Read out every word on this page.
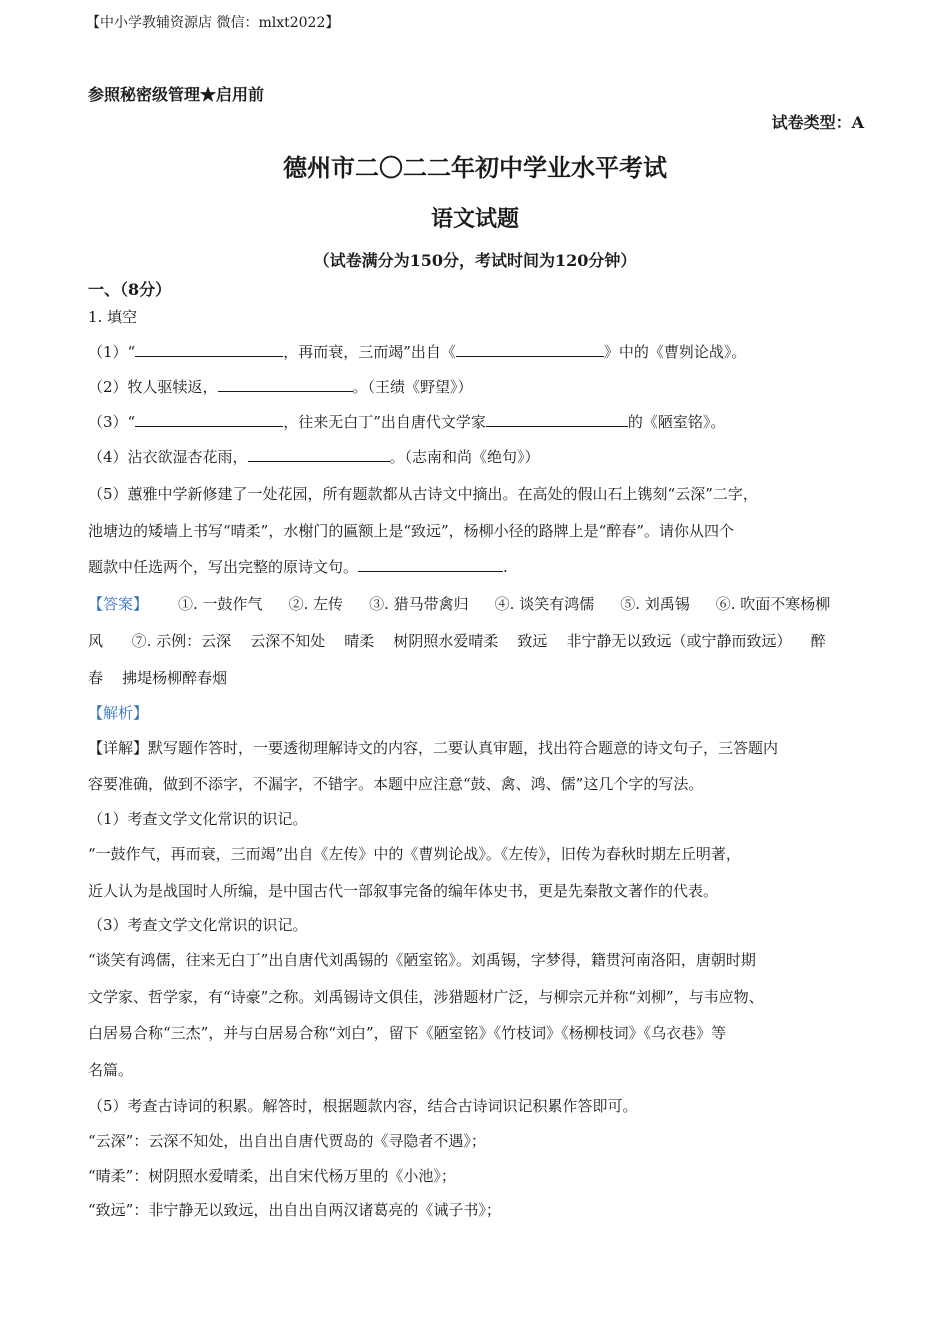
【中小学教辅资源店 微信：mlxt2022】
参照秘密级管理★启用前
试卷类型：A
德州市二〇二二年初中学业水平考试
语文试题
（试卷满分为150分，考试时间为120分钟）
一、（8分）
1. 填空
（1）“	，再而衰，三而竭”出自《	》中的《曹刿论战》。
（2）牧人驱犊返，	。（王绩《野望》）
（3）“	，往来无白丁”出自唐代文学家	的《陋室铭》。
（4）沾衣欲湿杏花雨，	。（志南和尚《绝句》）
（5）蕙雅中学新修建了一处花园，所有题款都从古诗文中摘出。在高处的假山石上镌刻“云深”二字，
池塘边的矮墙上书写“晴柔”，水榭门的匾额上是“致远”，杨柳小径的路牌上是“醉春”。请你从四个
题款中任选两个，写出完整的原诗文句。	.
【答案】 ①. 一鼓作气 ②. 左传 ③. 猎马带禽归 ④. 谈笑有鸿儒 ⑤. 刘禹锡 ⑥. 吹面不寒杨柳
风      ⑦. 示例：云深    云深不知处    晴柔    树阴照水爱晴柔    致远    非宁静无以致远（或宁静而致远）    醉
春    拂堤杨柳醉春烟
【解析】
【详解】默写题作答时，一要透彻理解诗文的内容，二要认真审题，找出符合题意的诗文句子，三答题内
容要准确，做到不添字，不漏字，不错字。本题中应注意“鼓、禽、鸿、儒”这几个字的写法。
（1）考查文学文化常识的识记。
“一鼓作气，再而衰，三而竭”出自《左传》中的《曹刿论战》。《左传》，旧传为春秋时期左丘明著，
近人认为是战国时人所编，是中国古代一部叙事完备的编年体史书，更是先秦散文著作的代表。
（3）考查文学文化常识的识记。
“谈笑有鸿儒，往来无白丁”出自唐代刘禹锡的《陋室铭》。刘禹锡，字梦得，籍贯河南洛阳，唐朝时期
文学家、哲学家，有“诗豪”之称。刘禹锡诗文俱佳，涉猎题材广泛，与柳宗元并称“刘柳”，与韦应物、
白居易合称“三杰”，并与白居易合称“刘白”，留下《陋室铭》《竹枝词》《杨柳枝词》《乌衣巷》等
名篇。
（5）考查古诗词的积累。解答时，根据题款内容，结合古诗词识记积累作答即可。
“云深”：云深不知处，出自出自唐代贾岛的《寻隐者不遇》；
“晴柔”：树阴照水爱晴柔，出自宋代杨万里的《小池》；
“致远”：非宁静无以致远，出自出自两汉诸葛亮的《诫子书》；
